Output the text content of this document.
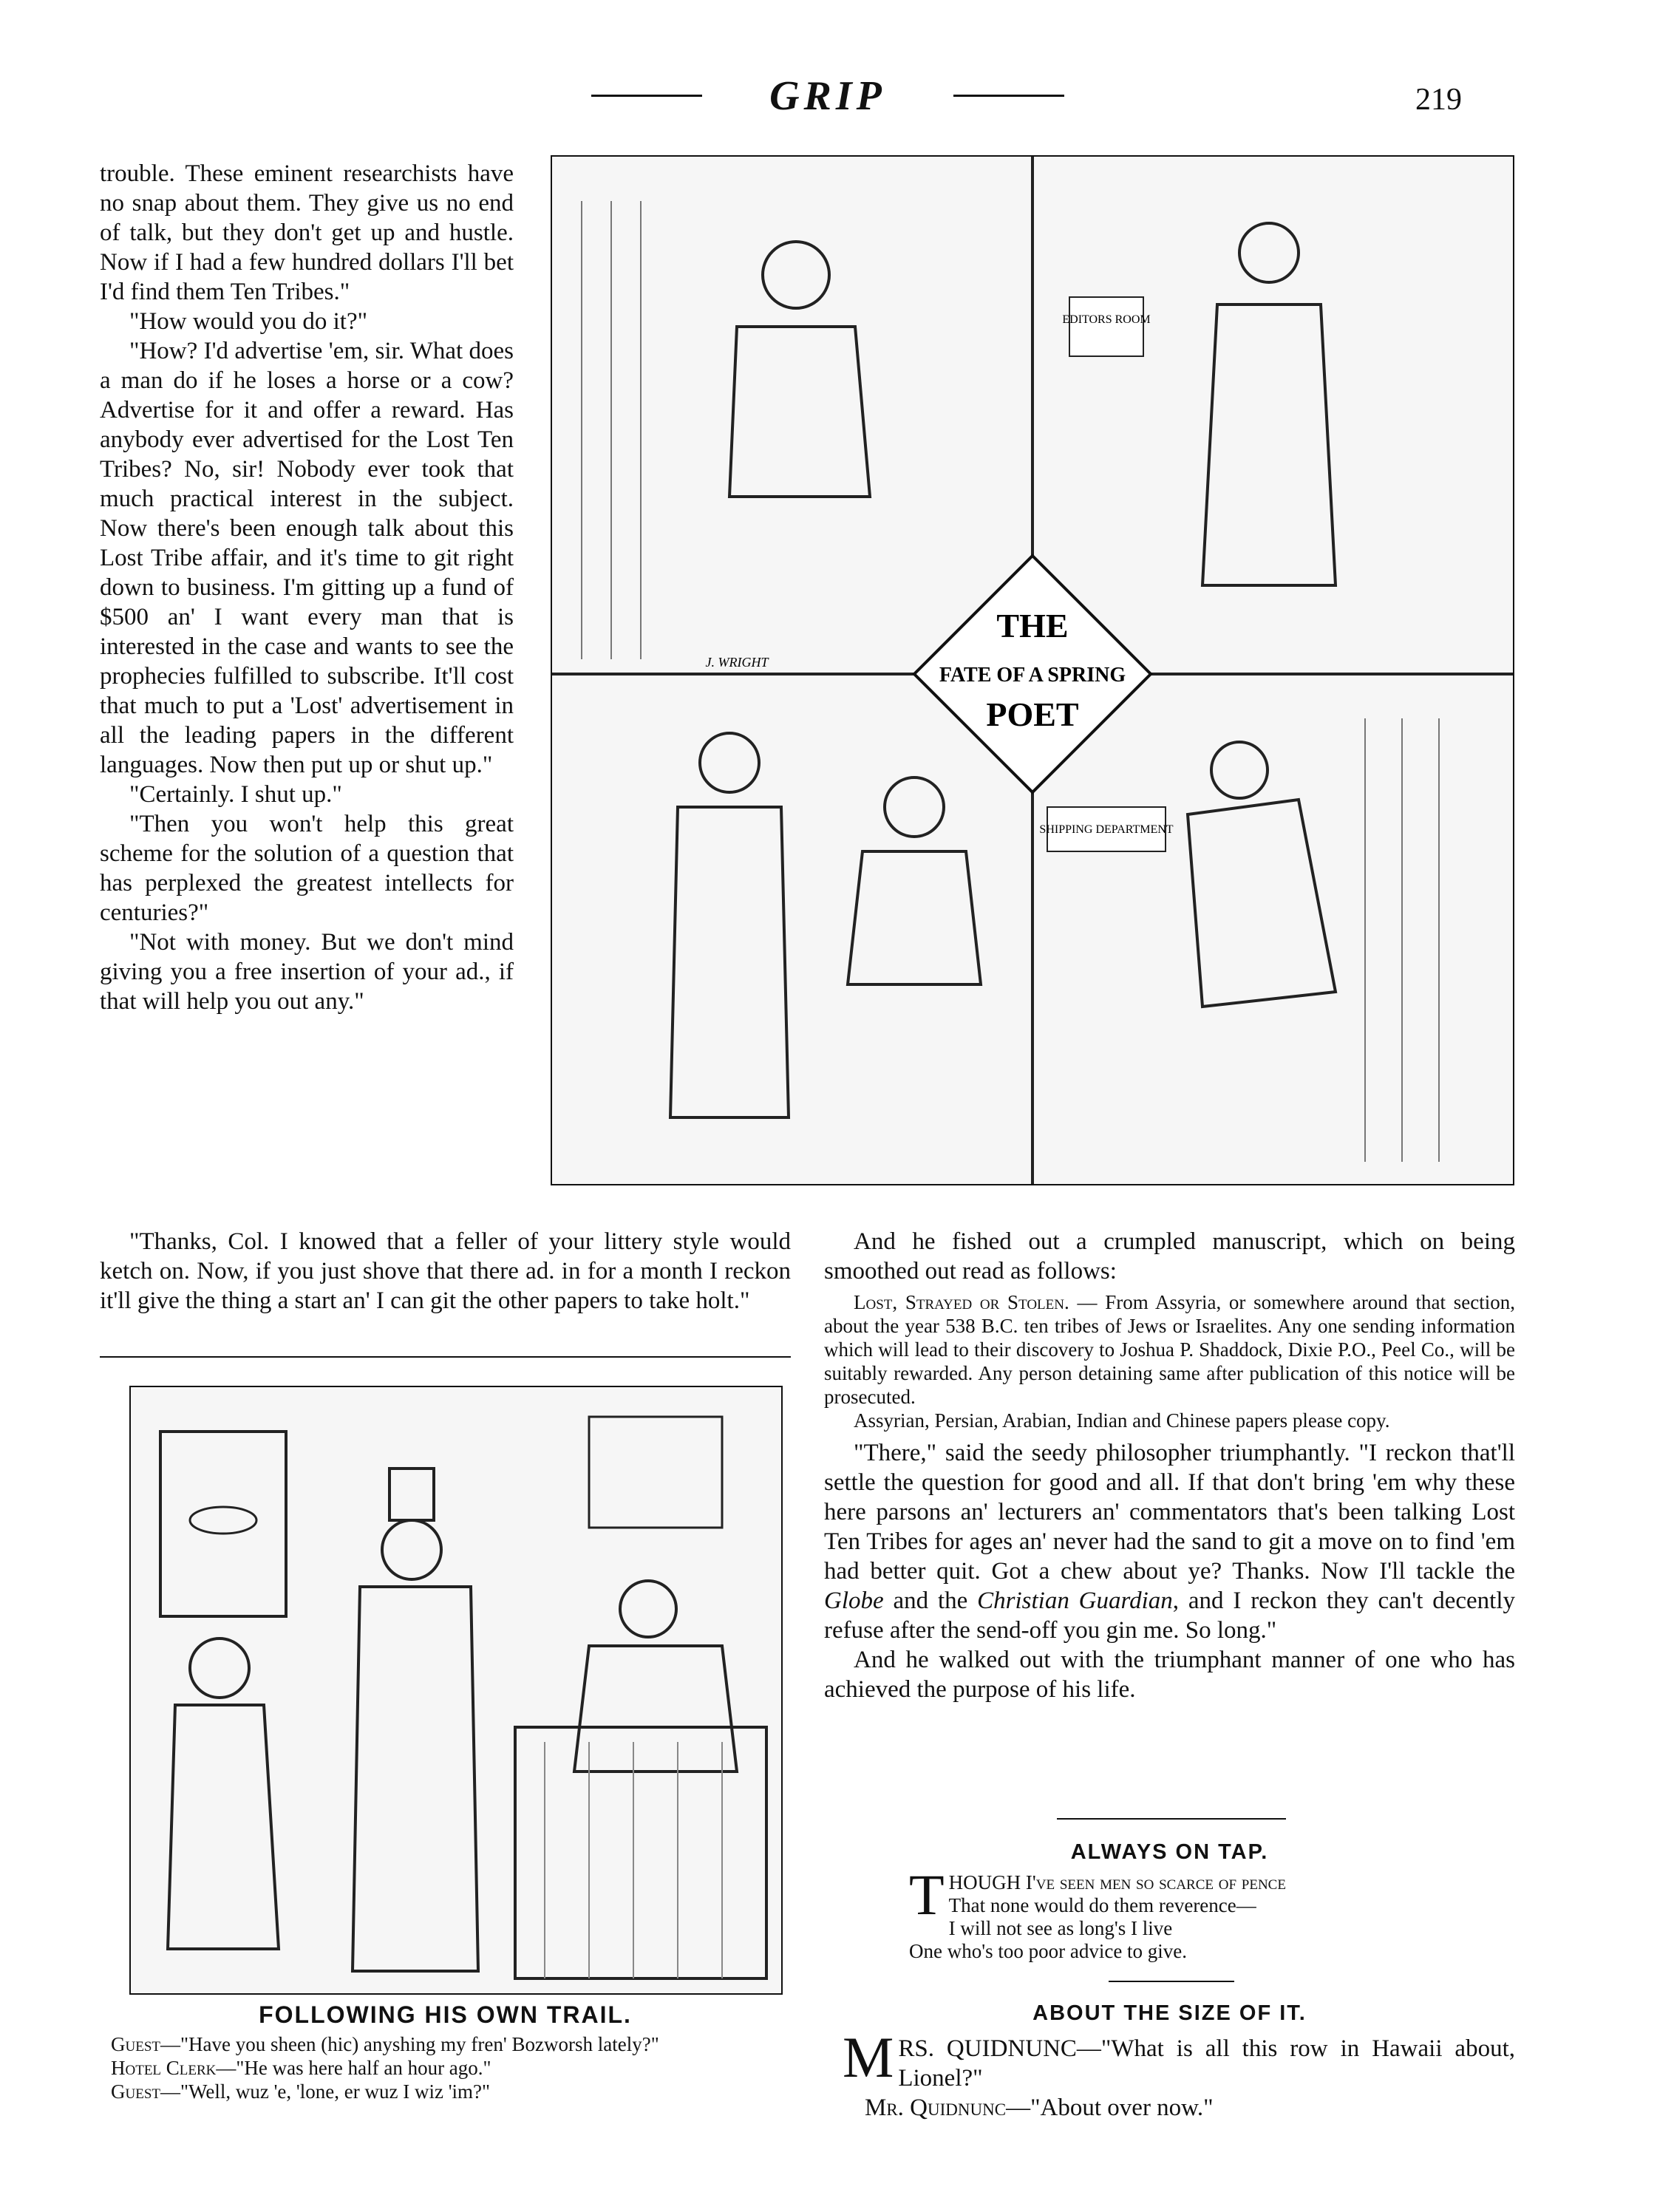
GRIP	219

trouble. These eminent researchists have no snap about them. They give us no end of talk, but they don't get up and hustle. Now if I had a few hundred dollars I'll bet I'd find them Ten Tribes."

"How would you do it?"

"How? I'd advertise 'em, sir. What does a man do if he loses a horse or a cow? Advertise for it and offer a reward. Has anybody ever advertised for the Lost Ten Tribes? No, sir! Nobody ever took that much practical interest in the subject. Now there's been enough talk about this Lost Tribe affair, and it's time to git right down to business. I'm gitting up a fund of $500 an' I want every man that is interested in the case and wants to see the prophecies fulfilled to subscribe. It'll cost that much to put a 'Lost' advertisement in all the leading papers in the different languages. Now then put up or shut up."

"Certainly. I shut up."

"Then you won't help this great scheme for the solution of a question that has perplexed the greatest intellects for centuries?"

"Not with money. But we don't mind giving you a free insertion of your ad., if that will help you out any."

EDITORS ROOM
SHIPPING DEPARTMENT
J. WRIGHT
THE
FATE OF A SPRING
POET

"Thanks, Col. I knowed that a feller of your littery style would ketch on. Now, if you just shove that there ad. in for a month I reckon it'll give the thing a start an' I can git the other papers to take holt."

FOLLOWING HIS OWN TRAIL.
Guest—"Have you sheen (hic) anyshing my fren' Bozworsh lately?"
Hotel Clerk—"He was here half an hour ago."
Guest—"Well, wuz 'e, 'lone, er wuz I wiz 'im?"

And he fished out a crumpled manuscript, which on being smoothed out read as follows:

Lost, Strayed or Stolen. — From Assyria, or somewhere around that section, about the year 538 B.C. ten tribes of Jews or Israelites. Any one sending information which will lead to their discovery to Joshua P. Shaddock, Dixie P.O., Peel Co., will be suitably rewarded. Any person detaining same after publication of this notice will be prosecuted.
Assyrian, Persian, Arabian, Indian and Chinese papers please copy.

"There," said the seedy philosopher triumphantly. "I reckon that'll settle the question for good and all. If that don't bring 'em why these here parsons an' lecturers an' commentators that's been talking Lost Ten Tribes for ages an' never had the sand to git a move on to find 'em had better quit. Got a chew about ye? Thanks. Now I'll tackle the Globe and the Christian Guardian, and I reckon they can't decently refuse after the send-off you gin me. So long."

And he walked out with the triumphant manner of one who has achieved the purpose of his life.

ALWAYS ON TAP.
THOUGH I've seen men so scarce of pence
That none would do them reverence—
I will not see as long's I live
One who's too poor advice to give.
ABOUT THE SIZE OF IT.
MRS. QUIDNUNC—"What is all this row in Hawaii about, Lionel?"
Mr. Quidnunc—"About over now."
